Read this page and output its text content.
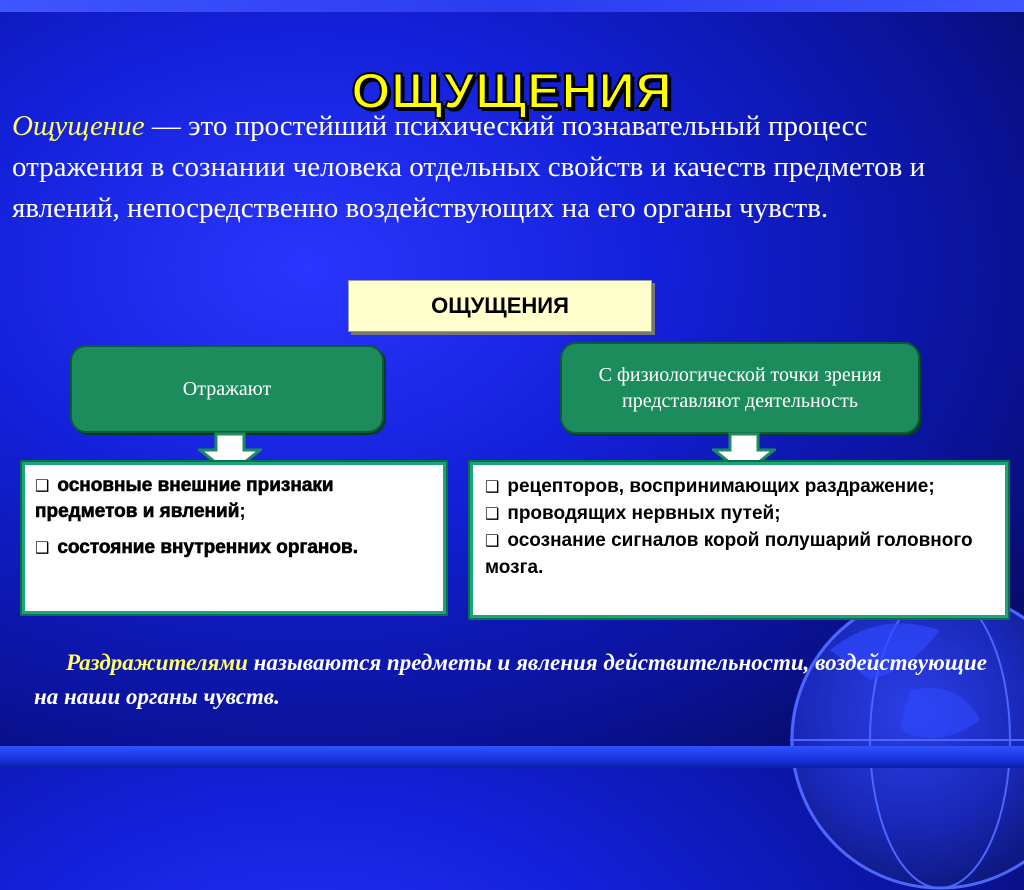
ОЩУЩЕНИЯ

Ощущение — это простейший психический познавательный процесс отражения в сознании человека отдельных свойств и качеств предметов и явлений, непосредственно воздействующих на его органы чувств.

ОЩУЩЕНИЯ
Отражают
С физиологической точки зрения представляют деятельность
❑ основные внешние признаки предметов и явлений;
❑ состояние внутренних органов.
❑ рецепторов, воспринимающих раздражение;
❑ проводящих нервных путей;
❑ осознание сигналов корой полушарий головного мозга.

Раздражителями называются предметы и явления действительности, воздействующие на наши органы чувств.
